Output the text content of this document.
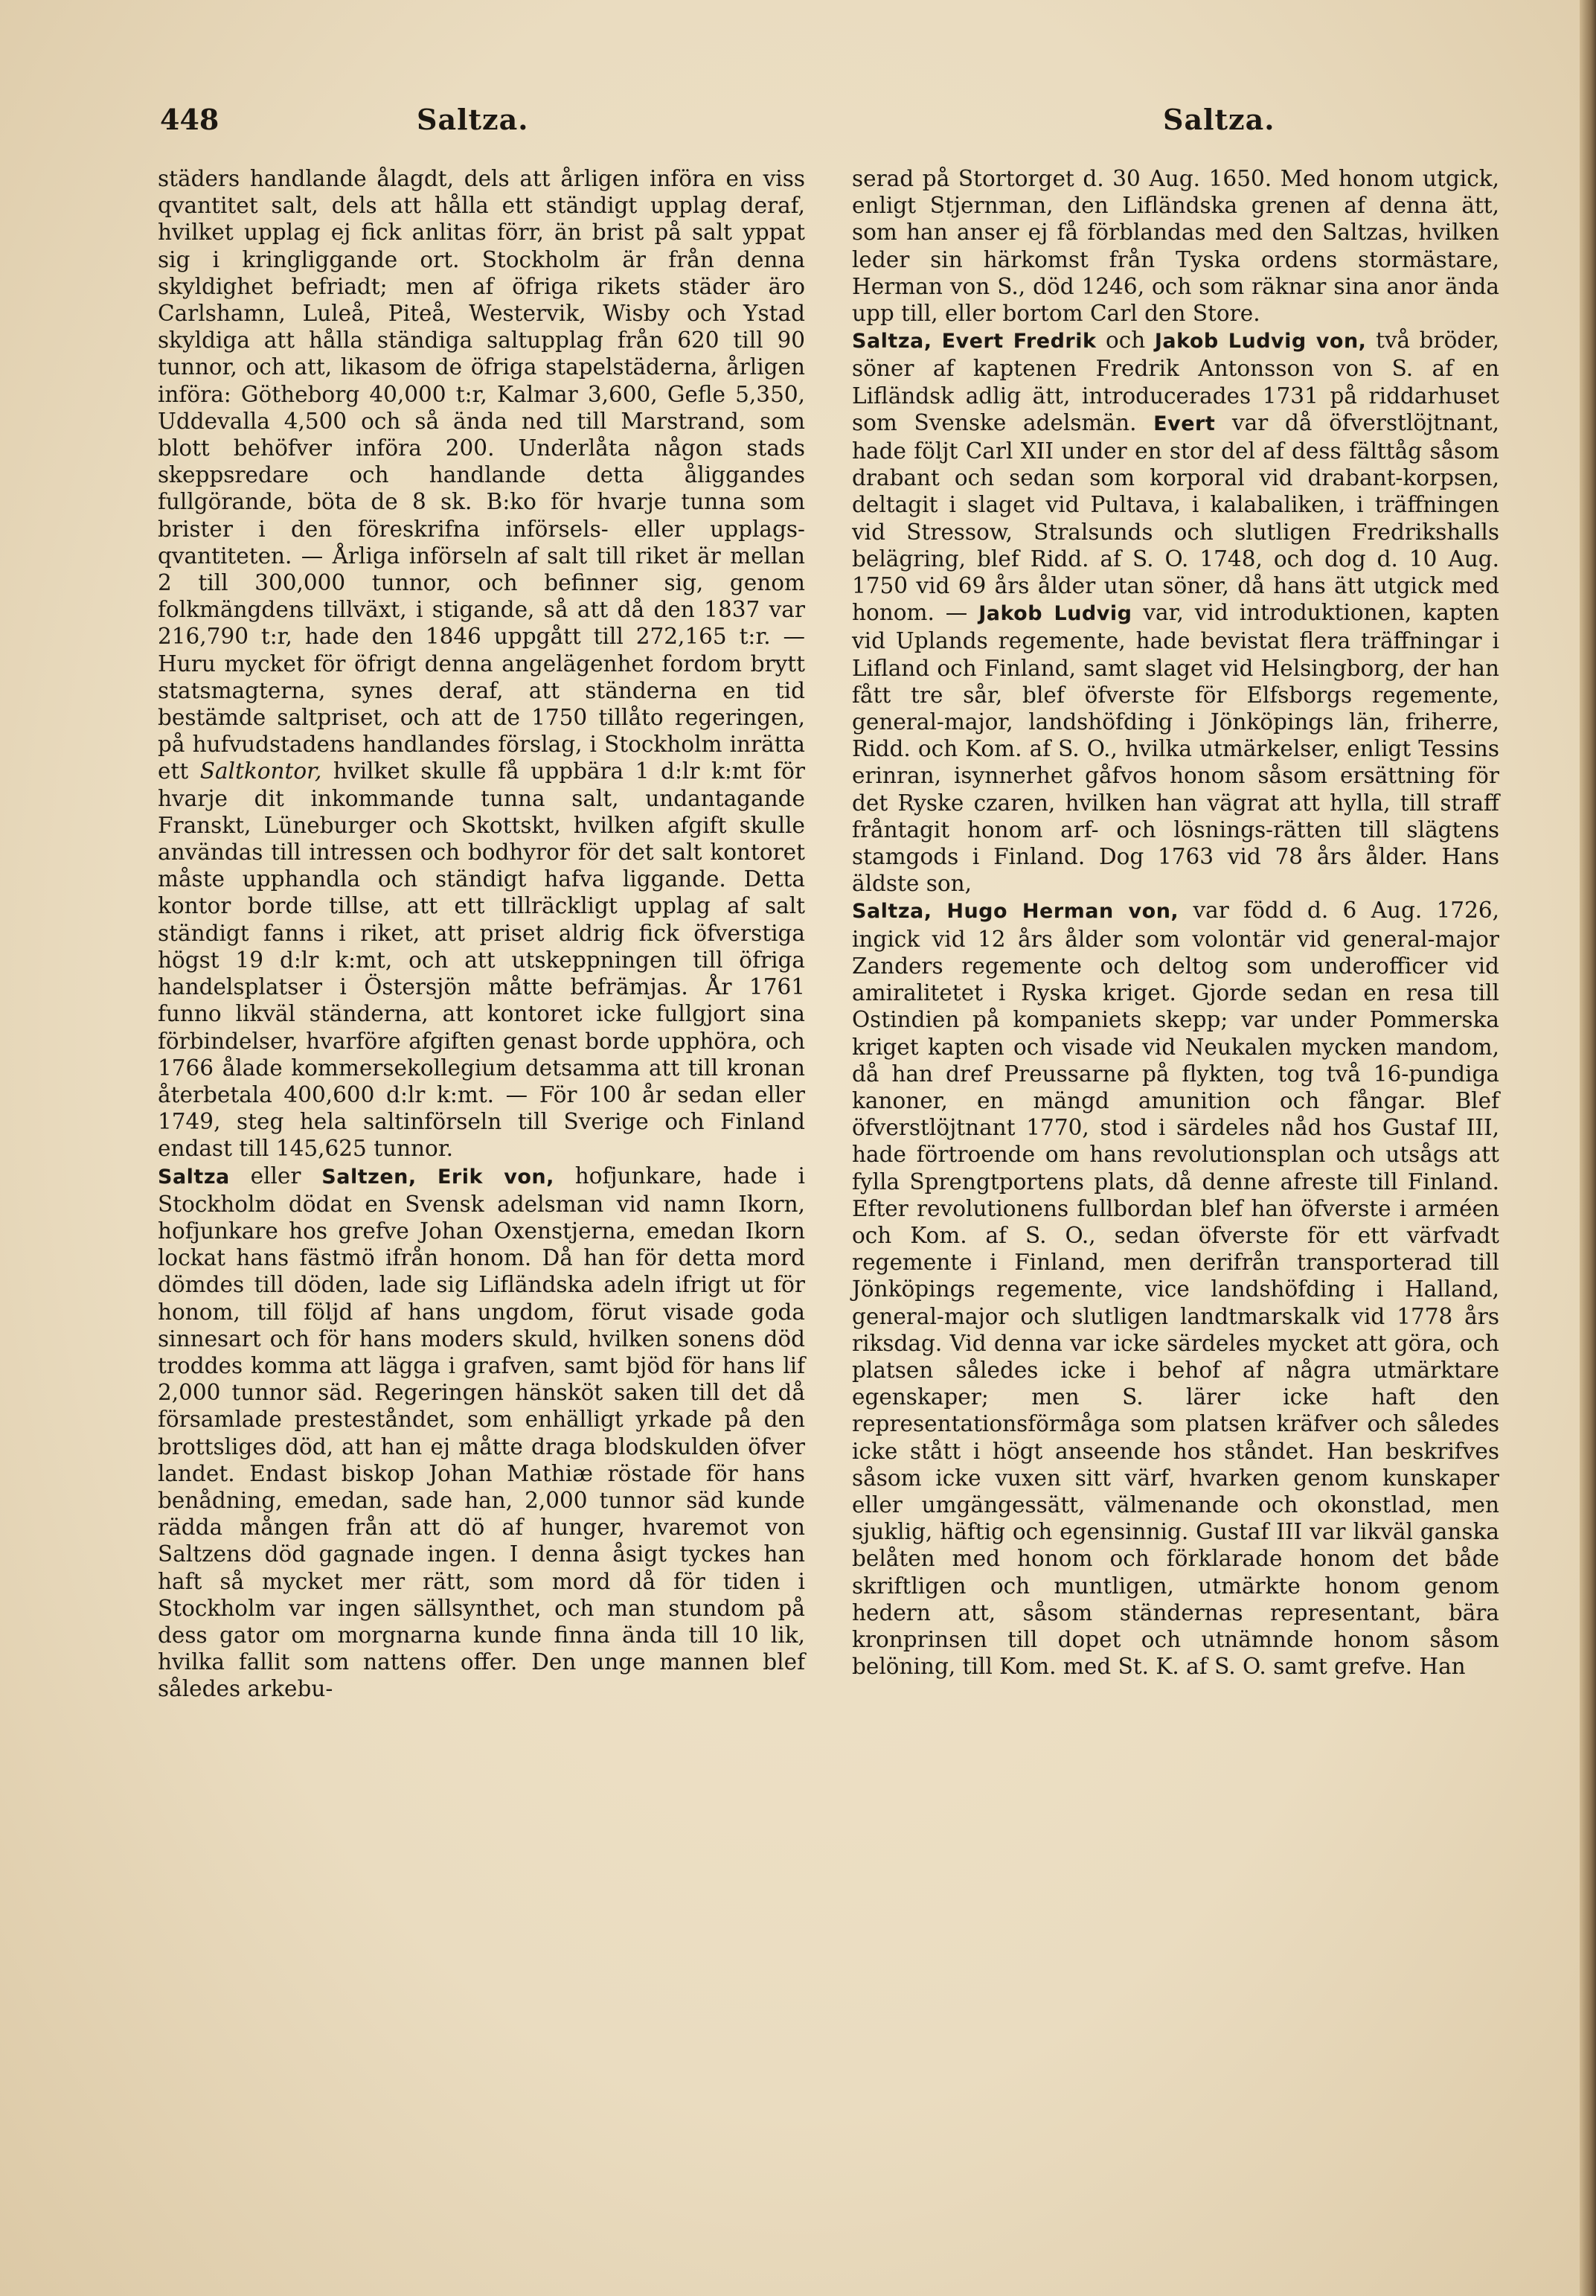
448	Saltza.	Saltza.

städers handlande ålagdt, dels att årligen införa en viss qvantitet salt, dels att hålla ett ständigt upplag deraf, hvilket upplag ej fick anlitas förr, än brist på salt yppat sig i kringliggande ort. Stockholm är från denna skyldighet befriadt; men af öfriga rikets städer äro Carlshamn, Luleå, Piteå, Westervik, Wisby och Ystad skyldiga att hålla ständiga saltupplag från 620 till 90 tunnor, och att, likasom de öfriga stapelstäderna, årligen införa: Götheborg 40,000 t:r, Kalmar 3,600, Gefle 5,350, Uddevalla 4,500 och så ända ned till Marstrand, som blott behöfver införa 200. Underlåta någon stads skeppsredare och handlande detta åliggandes fullgörande, böta de 8 sk. B:ko för hvarje tunna som brister i den föreskrifna införsels- eller upplags-qvantiteten. — Årliga införseln af salt till riket är mellan 2 till 300,000 tunnor, och befinner sig, genom folkmängdens tillväxt, i stigande, så att då den 1837 var 216,790 t:r, hade den 1846 uppgått till 272,165 t:r. — Huru mycket för öfrigt denna angelägenhet fordom brytt statsmagterna, synes deraf, att ständerna en tid bestämde saltpriset, och att de 1750 tillåto regeringen, på hufvudstadens handlandes förslag, i Stockholm inrätta ett Saltkontor, hvilket skulle få uppbära 1 d:lr k:mt för hvarje dit inkommande tunna salt, undantagande Franskt, Lüneburger och Skottskt, hvilken afgift skulle användas till intressen och bodhyror för det salt kontoret måste upphandla och ständigt hafva liggande. Detta kontor borde tillse, att ett tillräckligt upplag af salt ständigt fanns i riket, att priset aldrig fick öfverstiga högst 19 d:lr k:mt, och att utskeppningen till öfriga handelsplatser i Östersjön måtte befrämjas. År 1761 funno likväl ständerna, att kontoret icke fullgjort sina förbindelser, hvarföre afgiften genast borde upphöra, och 1766 ålade kommersekollegium detsamma att till kronan återbetala 400,600 d:lr k:mt. — För 100 år sedan eller 1749, steg hela saltinförseln till Sverige och Finland endast till 145,625 tunnor.

Saltza eller Saltzen, Erik von, hofjunkare, hade i Stockholm dödat en Svensk adelsman vid namn Ikorn, hofjunkare hos grefve Johan Oxenstjerna, emedan Ikorn lockat hans fästmö ifrån honom. Då han för detta mord dömdes till döden, lade sig Lifländska adeln ifrigt ut för honom, till följd af hans ungdom, förut visade goda sinnesart och för hans moders skuld, hvilken sonens död troddes komma att lägga i grafven, samt bjöd för hans lif 2,000 tunnor säd. Regeringen hänsköt saken till det då församlade presteståndet, som enhälligt yrkade på den brottsliges död, att han ej måtte draga blodskulden öfver landet. Endast biskop Johan Mathiæ röstade för hans benådning, emedan, sade han, 2,000 tunnor säd kunde rädda mången från att dö af hunger, hvaremot von Saltzens död gagnade ingen. I denna åsigt tyckes han haft så mycket mer rätt, som mord då för tiden i Stockholm var ingen sällsynthet, och man stundom på dess gator om morgnarna kunde finna ända till 10 lik, hvilka fallit som nattens offer. Den unge mannen blef således arkebu-

serad på Stortorget d. 30 Aug. 1650. Med honom utgick, enligt Stjernman, den Lifländska grenen af denna ätt, som han anser ej få förblandas med den Saltzas, hvilken leder sin härkomst från Tyska ordens stormästare, Herman von S., död 1246, och som räknar sina anor ända upp till, eller bortom Carl den Store.

Saltza, Evert Fredrik och Jakob Ludvig von, två bröder, söner af kaptenen Fredrik Antonsson von S. af en Lifländsk adlig ätt, introducerades 1731 på riddarhuset som Svenske adelsmän. Evert var då öfverstlöjtnant, hade följt Carl XII under en stor del af dess fälttåg såsom drabant och sedan som korporal vid drabant-korpsen, deltagit i slaget vid Pultava, i kalabaliken, i träffningen vid Stressow, Stralsunds och slutligen Fredrikshalls belägring, blef Ridd. af S. O. 1748, och dog d. 10 Aug. 1750 vid 69 års ålder utan söner, då hans ätt utgick med honom. — Jakob Ludvig var, vid introduktionen, kapten vid Uplands regemente, hade bevistat flera träffningar i Lifland och Finland, samt slaget vid Helsingborg, der han fått tre sår, blef öfverste för Elfsborgs regemente, general-major, landshöfding i Jönköpings län, friherre, Ridd. och Kom. af S. O., hvilka utmärkelser, enligt Tessins erinran, isynnerhet gåfvos honom såsom ersättning för det Ryske czaren, hvilken han vägrat att hylla, till straff fråntagit honom arf- och lösnings-rätten till slägtens stamgods i Finland. Dog 1763 vid 78 års ålder. Hans äldste son,

Saltza, Hugo Herman von, var född d. 6 Aug. 1726, ingick vid 12 års ålder som volontär vid general-major Zanders regemente och deltog som underofficer vid amiralitetet i Ryska kriget. Gjorde sedan en resa till Ostindien på kompaniets skepp; var under Pommerska kriget kapten och visade vid Neukalen mycken mandom, då han dref Preussarne på flykten, tog två 16-pundiga kanoner, en mängd amunition och fångar. Blef öfverstlöjtnant 1770, stod i särdeles nåd hos Gustaf III, hade förtroende om hans revolutionsplan och utsågs att fylla Sprengtportens plats, då denne afreste till Finland. Efter revolutionens fullbordan blef han öfverste i arméen och Kom. af S. O., sedan öfverste för ett värfvadt regemente i Finland, men derifrån transporterad till Jönköpings regemente, vice landshöfding i Halland, general-major och slutligen landtmarskalk vid 1778 års riksdag. Vid denna var icke särdeles mycket att göra, och platsen således icke i behof af några utmärktare egenskaper; men S. lärer icke haft den representationsförmåga som platsen kräfver och således icke stått i högt anseende hos ståndet. Han beskrifves såsom icke vuxen sitt värf, hvarken genom kunskaper eller umgängessätt, välmenande och okonstlad, men sjuklig, häftig och egensinnig. Gustaf III var likväl ganska belåten med honom och förklarade honom det både skriftligen och muntligen, utmärkte honom genom hedern att, såsom ständernas representant, bära kronprinsen till dopet och utnämnde honom såsom belöning, till Kom. med St. K. af S. O. samt grefve. Han
